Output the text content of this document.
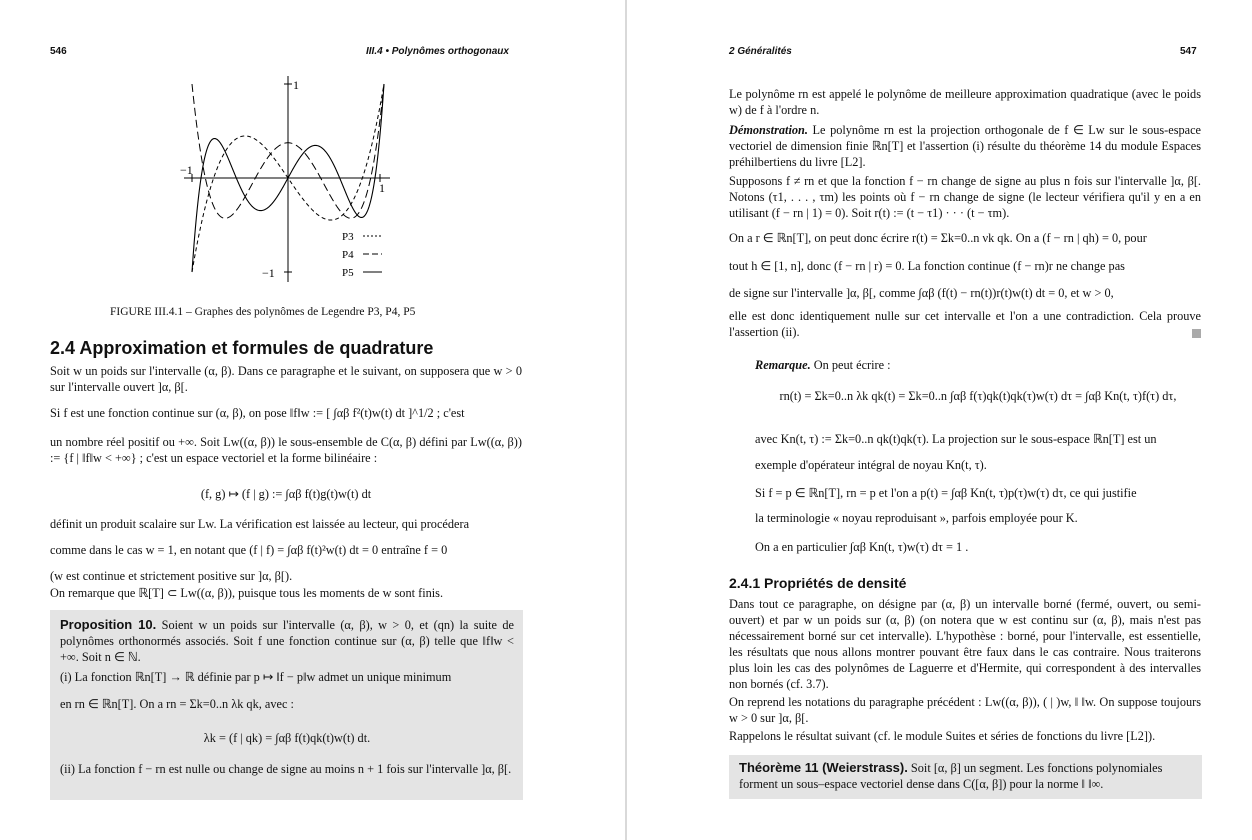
546	III.4 • Polynômes orthogonaux
1
−1
−1
1
P3
P4
P5
FIGURE III.4.1 – Graphes des polynômes de Legendre P3, P4, P5
2.4 Approximation et formules de quadrature

Soit w un poids sur l'intervalle (α, β). Dans ce paragraphe et le suivant, on supposera que w > 0 sur l'intervalle ouvert ]α, β[.

Si f est une fonction continue sur (α, β), on pose ‖f‖w := [ ∫αβ f²(t)w(t) dt ]^1/2 ; c'est

un nombre réel positif ou +∞. Soit Lw((α, β)) le sous-ensemble de C(α, β) défini par Lw((α, β)) := {f | ‖f‖w < +∞} ; c'est un espace vectoriel et la forme bilinéaire :

(f, g) ↦ (f | g) := ∫αβ f(t)g(t)w(t) dt

définit un produit scalaire sur Lw. La vérification est laissée au lecteur, qui procédera

comme dans le cas w = 1, en notant que (f | f) = ∫αβ f(t)²w(t) dt = 0 entraîne f = 0

(w est continue et strictement positive sur ]α, β[).

On remarque que ℝ[T] ⊂ Lw((α, β)), puisque tous les moments de w sont finis.

Proposition 10. Soient w un poids sur l'intervalle (α, β), w > 0, et (qn) la suite de polynômes orthonormés associés. Soit f une fonction continue sur (α, β) telle que ‖f‖w < +∞. Soit n ∈ ℕ.

(i) La fonction ℝn[T] → ℝ définie par p ↦ ‖f − p‖w admet un unique minimum

en rn ∈ ℝn[T]. On a rn = Σk=0..n λk qk, avec :

λk = (f | qk) = ∫αβ f(t)qk(t)w(t) dt.

(ii) La fonction f − rn est nulle ou change de signe au moins n + 1 fois sur l'intervalle ]α, β[.

2 Généralités	547

Le polynôme rn est appelé le polynôme de meilleure approximation quadratique (avec le poids w) de f à l'ordre n.

Démonstration. Le polynôme rn est la projection orthogonale de f ∈ Lw sur le sous-espace vectoriel de dimension finie ℝn[T] et l'assertion (i) résulte du théorème 14 du module Espaces préhilbertiens du livre [L2].

Supposons f ≠ rn et que la fonction f − rn change de signe au plus n fois sur l'intervalle ]α, β[. Notons (τ1, . . . , τm) les points où f − rn change de signe (le lecteur vérifiera qu'il y en a en utilisant (f − rn | 1) = 0). Soit r(t) := (t − τ1) · · · (t − τm).

On a r ∈ ℝn[T], on peut donc écrire r(t) = Σk=0..n νk qk. On a (f − rn | qh) = 0, pour

tout h ∈ [1, n], donc (f − rn | r) = 0. La fonction continue (f − rn)r ne change pas

de signe sur l'intervalle ]α, β[, comme ∫αβ (f(t) − rn(t))r(t)w(t) dt = 0, et w > 0,

elle est donc identiquement nulle sur cet intervalle et l'on a une contradiction. Cela prouve l'assertion (ii).

Remarque. On peut écrire :

rn(t) = Σk=0..n λk qk(t) = Σk=0..n ∫αβ f(τ)qk(t)qk(τ)w(τ) dτ = ∫αβ Kn(t, τ)f(τ) dτ,

avec Kn(t, τ) := Σk=0..n qk(t)qk(τ). La projection sur le sous-espace ℝn[T] est un

exemple d'opérateur intégral de noyau Kn(t, τ).

Si f = p ∈ ℝn[T], rn = p et l'on a p(t) = ∫αβ Kn(t, τ)p(τ)w(τ) dτ, ce qui justifie

la terminologie « noyau reproduisant », parfois employée pour K.

On a en particulier ∫αβ Kn(t, τ)w(τ) dτ = 1 .

2.4.1 Propriétés de densité

Dans tout ce paragraphe, on désigne par (α, β) un intervalle borné (fermé, ouvert, ou semi-ouvert) et par w un poids sur (α, β) (on notera que w est continu sur (α, β), mais n'est pas nécessairement borné sur cet intervalle). L'hypothèse : borné, pour l'intervalle, est essentielle, les résultats que nous allons montrer pouvant être faux dans le cas contraire. Nous traiterons plus loin les cas des polynômes de Laguerre et d'Hermite, qui correspondent à des intervalles non bornés (cf. 3.7).

On reprend les notations du paragraphe précédent : Lw((α, β)), ( | )w, ‖ ‖w. On suppose toujours w > 0 sur ]α, β[.

Rappelons le résultat suivant (cf. le module Suites et séries de fonctions du livre [L2]).

Théorème 11 (Weierstrass). Soit [α, β] un segment. Les fonctions polynomiales forment un sous–espace vectoriel dense dans C([α, β]) pour la norme ‖ ‖∞.
